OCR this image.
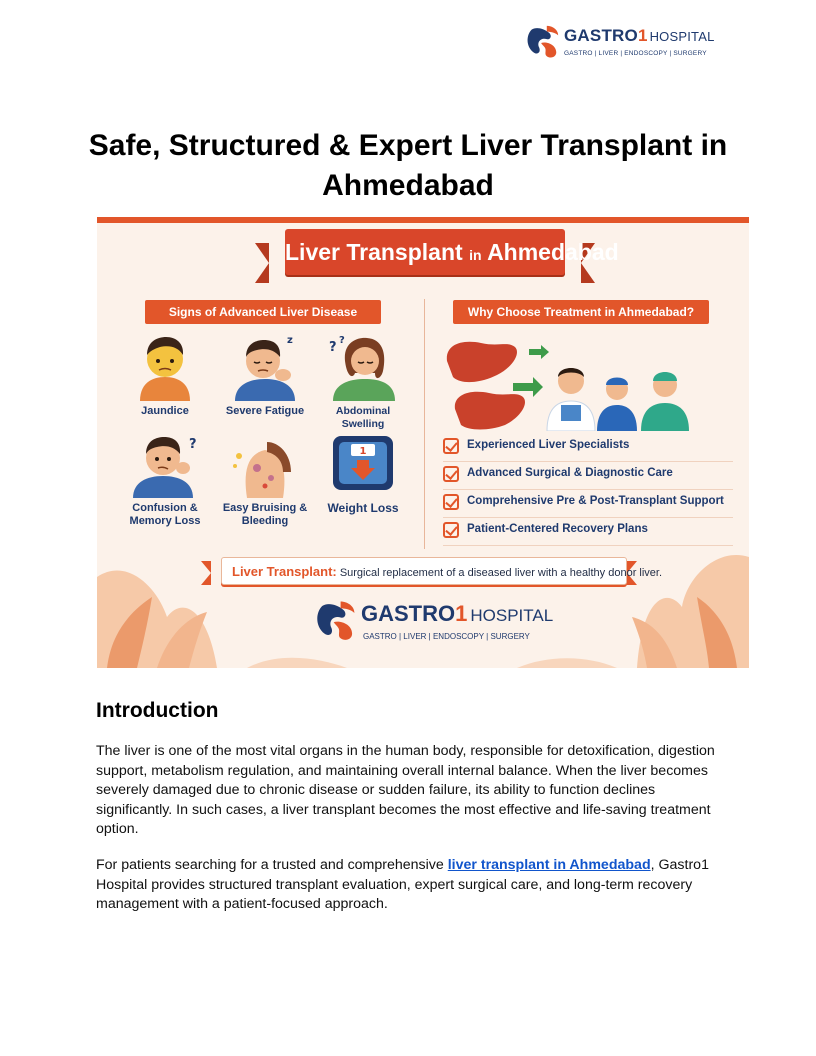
GASTRO1 HOSPITAL
GASTRO | LIVER | ENDOSCOPY | SURGERY
Safe, Structured & Expert Liver Transplant in Ahmedabad
Liver Transplant in Ahmedabad
Signs of Advanced Liver Disease	Why Choose Treatment in Ahmedabad?
Jaundice
z
Severe Fatigue
? ?
Abdominal Swelling
?
Confusion & Memory Loss
Easy Bruising & Bleeding
1
Weight Loss
Experienced Liver Specialists
Advanced Surgical & Diagnostic Care
Comprehensive Pre & Post-Transplant Support
Patient-Centered Recovery Plans
Liver Transplant: Surgical replacement of a diseased liver with a healthy donor liver.
GASTRO1 HOSPITAL
GASTRO | LIVER | ENDOSCOPY | SURGERY
Introduction

The liver is one of the most vital organs in the human body, responsible for detoxification, digestion support, metabolism regulation, and maintaining overall internal balance. When the liver becomes severely damaged due to chronic disease or sudden failure, its ability to function declines significantly. In such cases, a liver transplant becomes the most effective and life-saving treatment option.

For patients searching for a trusted and comprehensive liver transplant in Ahmedabad, Gastro1 Hospital provides structured transplant evaluation, expert surgical care, and long-term recovery management with a patient-focused approach.
